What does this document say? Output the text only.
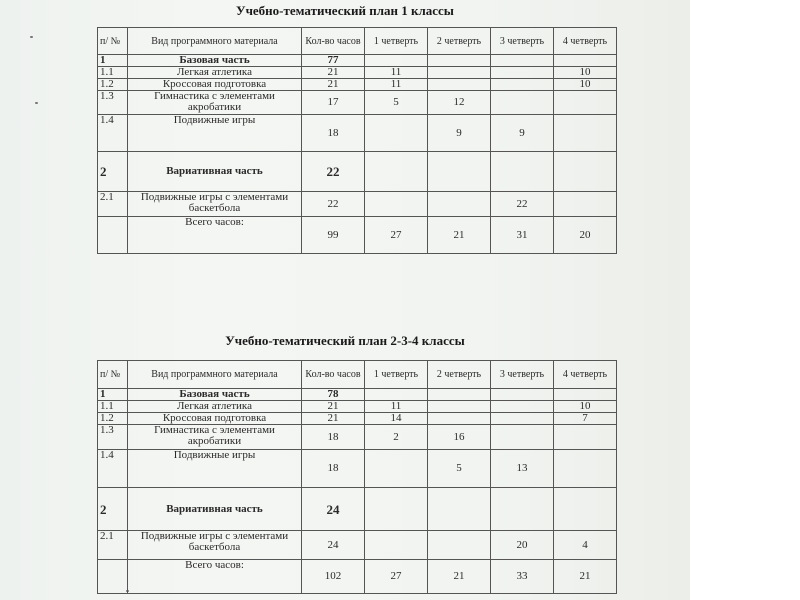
Учебно-тематический план 1 классы
п/ №	Вид программного материала	Кол-во часов	1 четверть	2 четверть	3 четверть	4 четверть
1	Базовая часть	77				
1.1	Легкая атлетика	21	11			10
1.2	Кроссовая подготовка	21	11			10
1.3	Гимнастика с элементами акробатики	17	5	12		
1.4	Подвижные игры	18		9	9	
2	Вариативная часть	22				
2.1	Подвижные игры с элементами баскетбола	22			22	
	Всего часов:	99	27	21	31	20
Учебно-тематический план 2-3-4 классы
п/ №	Вид программного материала	Кол-во часов	1 четверть	2 четверть	3 четверть	4 четверть
1	Базовая часть	78				
1.1	Легкая атлетика	21	11			10
1.2	Кроссовая подготовка	21	14			7
1.3	Гимнастика с элементами акробатики	18	2	16		
1.4	Подвижные игры	18		5	13	
2	Вариативная часть	24				
2.1	Подвижные игры с элементами баскетбола	24			20	4
	Всего часов:	102	27	21	33	21
